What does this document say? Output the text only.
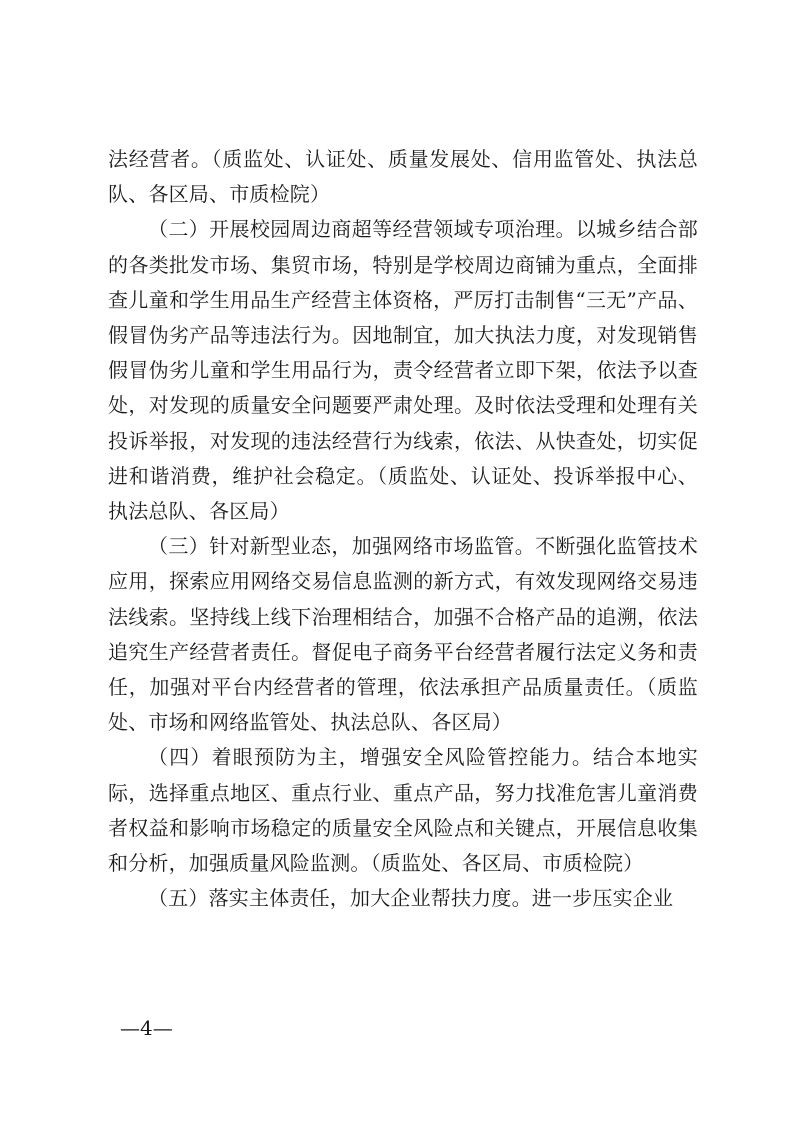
法经营者。（质监处、认证处、质量发展处、信用监管处、执法总队、各区局、市质检院）

（二）开展校园周边商超等经营领域专项治理。以城乡结合部的各类批发市场、集贸市场，特别是学校周边商铺为重点，全面排查儿童和学生用品生产经营主体资格，严厉打击制售“三无”产品、假冒伪劣产品等违法行为。因地制宜，加大执法力度，对发现销售假冒伪劣儿童和学生用品行为，责令经营者立即下架，依法予以查处，对发现的质量安全问题要严肃处理。及时依法受理和处理有关投诉举报，对发现的违法经营行为线索，依法、从快查处，切实促进和谐消费，维护社会稳定。（质监处、认证处、投诉举报中心、执法总队、各区局）

（三）针对新型业态，加强网络市场监管。不断强化监管技术应用，探索应用网络交易信息监测的新方式，有效发现网络交易违法线索。坚持线上线下治理相结合，加强不合格产品的追溯，依法追究生产经营者责任。督促电子商务平台经营者履行法定义务和责任，加强对平台内经营者的管理，依法承担产品质量责任。（质监处、市场和网络监管处、执法总队、各区局）

（四）着眼预防为主，增强安全风险管控能力。结合本地实际，选择重点地区、重点行业、重点产品，努力找准危害儿童消费者权益和影响市场稳定的质量安全风险点和关键点，开展信息收集和分析，加强质量风险监测。（质监处、各区局、市质检院）

（五）落实主体责任，加大企业帮扶力度。进一步压实企业

—4—
